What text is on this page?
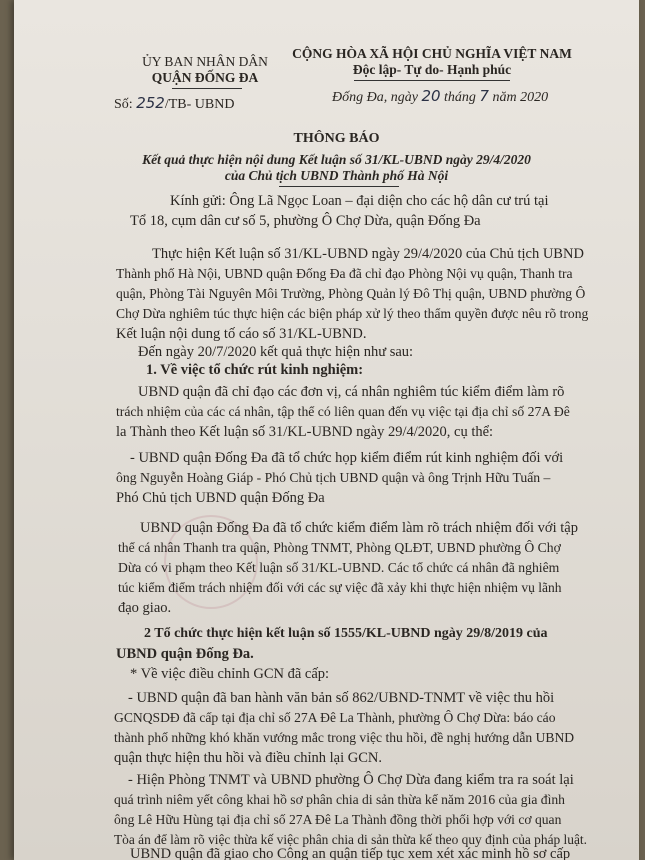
ỦY BAN NHÂN DÂN
QUẬN ĐỐNG ĐA
CỘNG HÒA XÃ HỘI CHỦ NGHĨA VIỆT NAM
Độc lập- Tự do- Hạnh phúc
Số: 252/TB- UBND	Đống Đa, ngày 20 tháng 7 năm 2020
THÔNG BÁO
Kết quả thực hiện nội dung Kết luận số 31/KL-UBND ngày 29/4/2020
của Chủ tịch UBND Thành phố Hà Nội
Kính gửi: Ông Lã Ngọc Loan – đại diện cho các hộ dân cư trú tại
Tổ 18, cụm dân cư số 5, phường Ô Chợ Dừa, quận Đống Đa
Thực hiện Kết luận số 31/KL-UBND ngày 29/4/2020 của Chủ tịch UBND
Thành phố Hà Nội, UBND quận Đống Đa đã chỉ đạo Phòng Nội vụ quận, Thanh tra
quận, Phòng Tài Nguyên Môi Trường, Phòng Quản lý Đô Thị quận, UBND phường Ô
Chợ Dừa nghiêm túc thực hiện các biện pháp xử lý theo thẩm quyền được nêu rõ trong
Kết luận nội dung tố cáo số 31/KL-UBND.
Đến ngày 20/7/2020 kết quả thực hiện như sau:
1. Về việc tổ chức rút kinh nghiệm:
UBND quận đã chỉ đạo các đơn vị, cá nhân nghiêm túc kiểm điểm làm rõ
trách nhiệm của các cá nhân, tập thể có liên quan đến vụ việc tại địa chỉ số 27A Đê
la Thành theo Kết luận số 31/KL-UBND ngày 29/4/2020, cụ thể:
- UBND quận Đống Đa đã tổ chức họp kiểm điểm rút kinh nghiệm đối với
ông Nguyễn Hoàng Giáp - Phó Chủ tịch UBND quận và ông Trịnh Hữu Tuấn –
Phó Chủ tịch UBND quận Đống Đa
UBND quận Đống Đa đã tổ chức kiểm điểm làm rõ trách nhiệm đối với tập
thể cá nhân Thanh tra quận, Phòng TNMT, Phòng QLĐT, UBND phường Ô Chợ
Dừa có vi phạm theo Kết luận số 31/KL-UBND. Các tổ chức cá nhân đã nghiêm
túc kiểm điểm trách nhiệm đối với các sự việc đã xảy khi thực hiện nhiệm vụ lãnh
đạo giao.
2 Tổ chức thực hiện kết luận số 1555/KL-UBND ngày 29/8/2019 của
UBND quận Đống Đa.
* Về việc điều chỉnh GCN đã cấp:
- UBND quận đã ban hành văn bản số 862/UBND-TNMT về việc thu hồi
GCNQSDĐ đã cấp tại địa chỉ số 27A Đê La Thành, phường Ô Chợ Dừa: báo cáo
thành phố những khó khăn vướng mắc trong việc thu hồi, đề nghị hướng dẫn UBND
quận thực hiện thu hồi và điều chỉnh lại GCN.
- Hiện Phòng TNMT và UBND phường Ô Chợ Dừa đang kiểm tra ra soát lại
quá trình niêm yết công khai hồ sơ phân chia di sản thừa kế năm 2016 của gia đình
ông Lê Hữu Hùng tại địa chỉ số 27A Đê La Thành đồng thời phối hợp với cơ quan
Tòa án để làm rõ việc thừa kế việc phân chia di sản thừa kế theo quy định của pháp luật.
UBND quận đã giao cho Công an quận tiếp tục xem xét xác minh hồ sơ cấp
